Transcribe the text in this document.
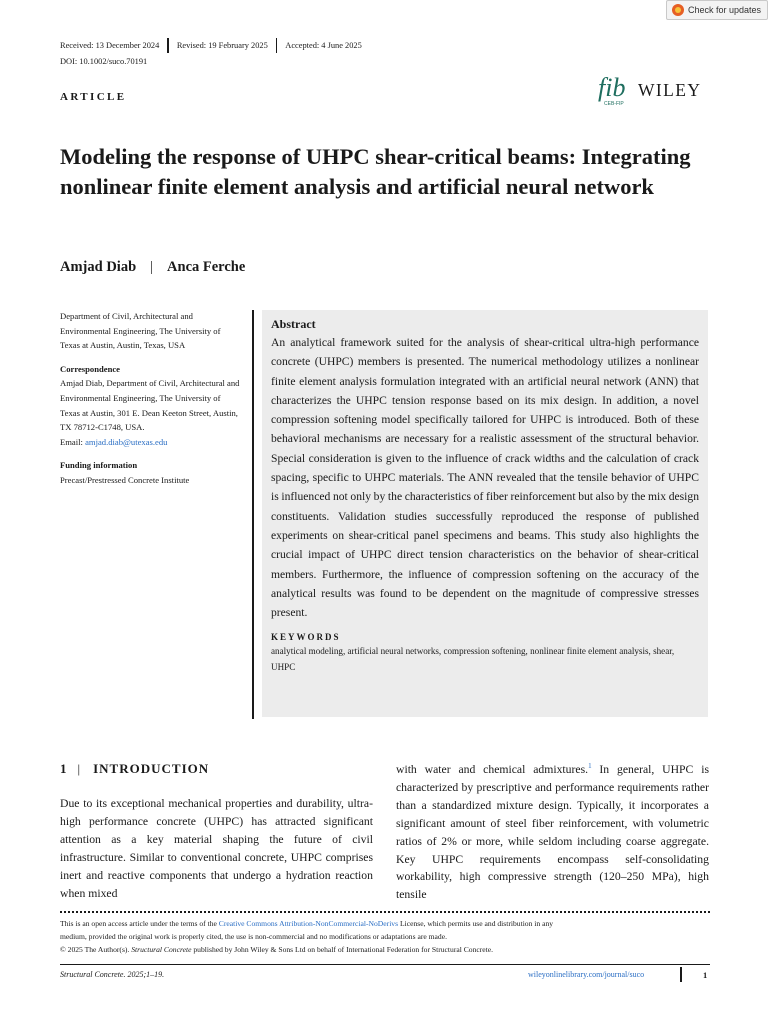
Check for updates
Received: 13 December 2024 Revised: 19 February 2025 Accepted: 4 June 2025
DOI: 10.1002/suco.70191
ARTICLE	fib
CEB-FIP
WILEY
Modeling the response of UHPC shear-critical beams: Integrating nonlinear finite element analysis and artificial neural network
Amjad Diab | Anca Ferche
Department of Civil, Architectural and Environmental Engineering, The University of Texas at Austin, Austin, Texas, USA
Correspondence
Amjad Diab, Department of Civil, Architectural and Environmental Engineering, The University of Texas at Austin, 301 E. Dean Keeton Street, Austin, TX 78712-C1748, USA.
Email: amjad.diab@utexas.edu
Funding information
Precast/Prestressed Concrete Institute
Abstract

An analytical framework suited for the analysis of shear-critical ultra-high performance concrete (UHPC) members is presented. The numerical methodology utilizes a nonlinear finite element analysis formulation integrated with an artificial neural network (ANN) that characterizes the UHPC tension response based on its mix design. In addition, a novel compression softening model specifically tailored for UHPC is introduced. Both of these behavioral mechanisms are necessary for a realistic assessment of the structural behavior. Special consideration is given to the influence of crack widths and the calculation of crack spacing, specific to UHPC materials. The ANN revealed that the tensile behavior of UHPC is influenced not only by the characteristics of fiber reinforcement but also by the mix design constituents. Validation studies successfully reproduced the response of published experiments on shear-critical panel specimens and beams. This study also highlights the crucial impact of UHPC direct tension characteristics on the behavior of shear-critical members. Furthermore, the influence of compression softening on the accuracy of the analytical results was found to be dependent on the magnitude of compressive stresses present.

KEYWORDS
analytical modeling, artificial neural networks, compression softening, nonlinear finite element analysis, shear, UHPC
1 | INTRODUCTION

Due to its exceptional mechanical properties and durability, ultra-high performance concrete (UHPC) has attracted significant attention as a key material shaping the future of civil infrastructure. Similar to conventional concrete, UHPC comprises inert and reactive components that undergo a hydration reaction when mixed

with water and chemical admixtures.$^1$ In general, UHPC is characterized by prescriptive and performance requirements rather than a standardized mixture design. Typically, it incorporates a significant amount of steel fiber reinforcement, with volumetric ratios of 2% or more, while seldom including coarse aggregate. Key UHPC requirements encompass self-consolidating workability, high compressive strength (120–250 MPa), high tensile

This is an open access article under the terms of the Creative Commons Attribution-NonCommercial-NoDerivs License, which permits use and distribution in any
medium, provided the original work is properly cited, the use is non-commercial and no modifications or adaptations are made.
© 2025 The Author(s). Structural Concrete published by John Wiley & Sons Ltd on behalf of International Federation for Structural Concrete.
Structural Concrete. 2025;1–19.	wileyonlinelibrary.com/journal/suco	1
